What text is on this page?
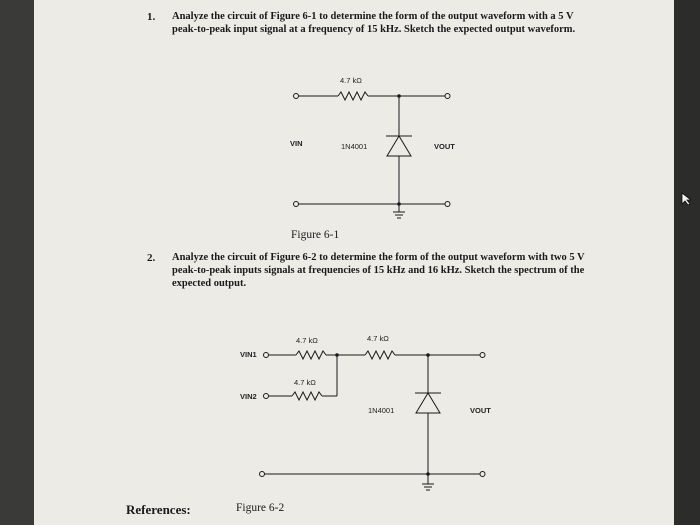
1. Analyze the circuit of Figure 6-1 to determine the form of the output waveform with a 5 V
peak-to-peak input signal at a frequency of 15 kHz. Sketch the expected output waveform.
4.7 kΩ
VIN	1N4001	VOUT
Figure 6-1
2. Analyze the circuit of Figure 6-2 to determine the form of the output waveform with two 5 V
peak-to-peak inputs signals at frequencies of 15 kHz and 16 kHz. Sketch the spectrum of the
expected output.
4.7 kΩ	4.7 kΩ
4.7 kΩ
VIN1
VIN2
1N4001	VOUT
References:	Figure 6-2
